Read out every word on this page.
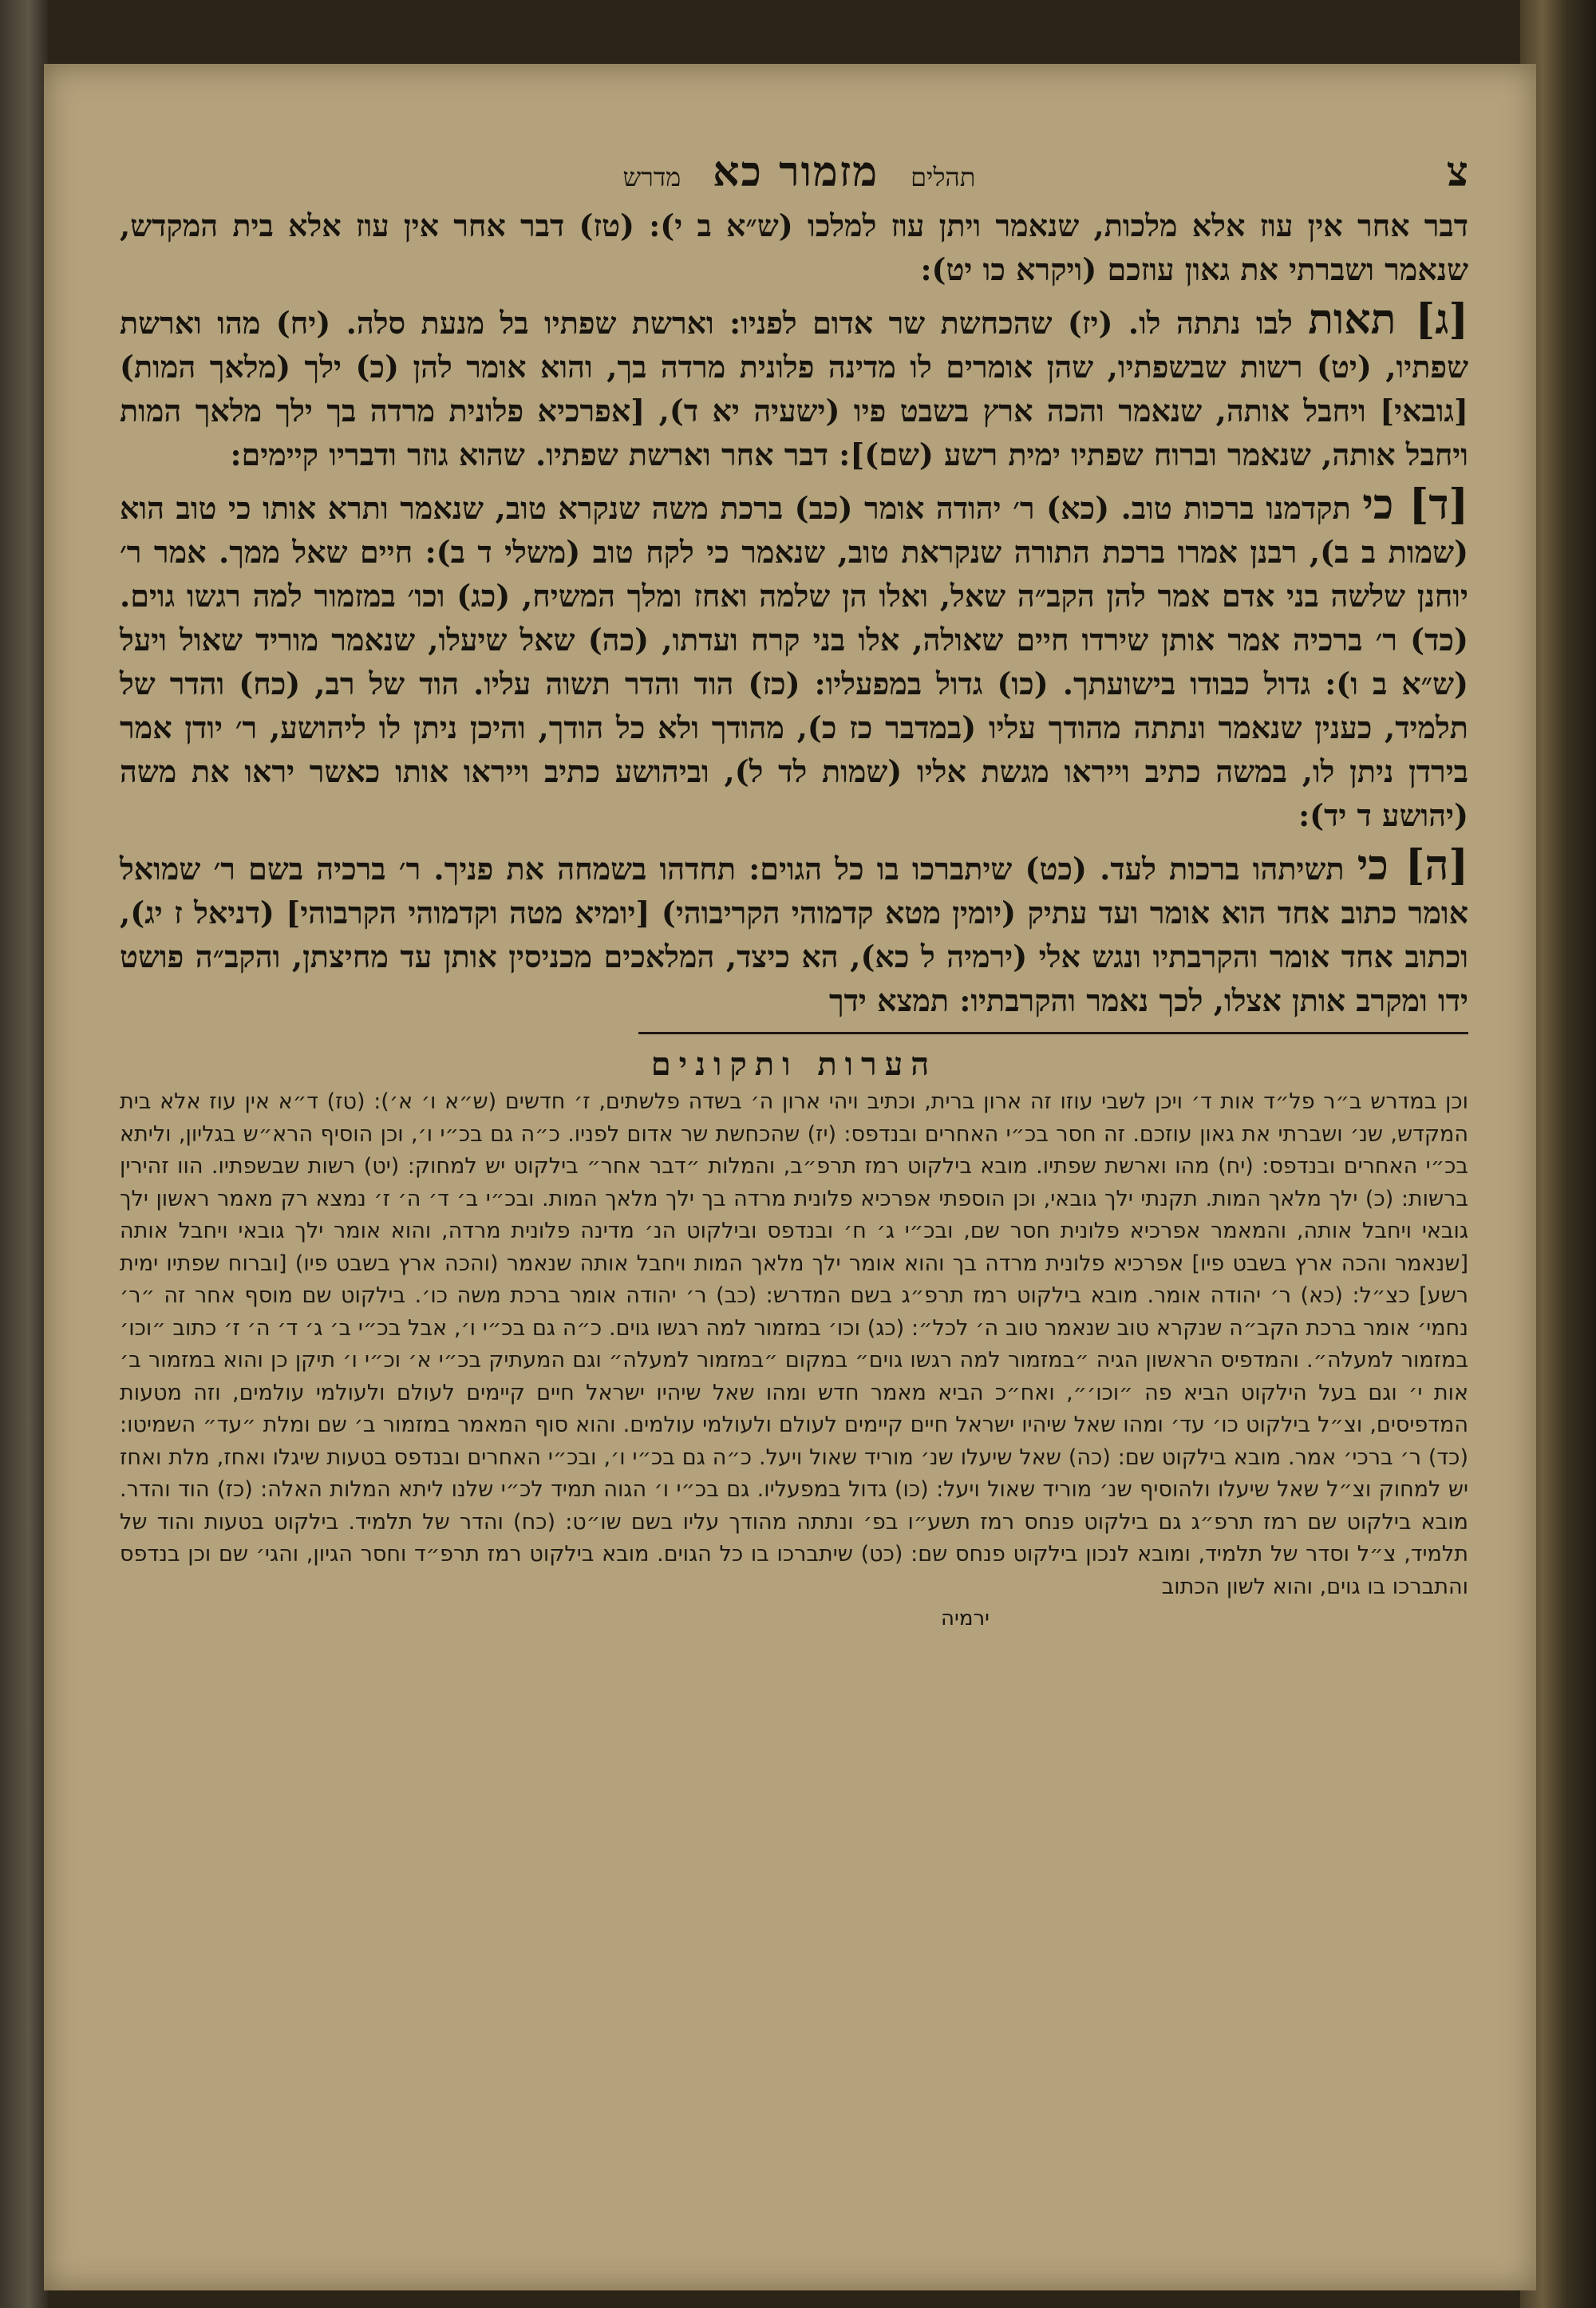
צ
תהלים
מזמור כא
מדרש

דבר אחר אין עוז אלא מלכות, שנאמר ויתן עוז למלכו (ש״א ב י): (טז) דבר אחר אין עוז אלא בית המקדש, שנאמר ושברתי את גאון עוזכם (ויקרא כו יט):

[ג] תאות לבו נתתה לו. (יז) שהכחשת שר אדום לפניו: וארשת שפתיו בל מנעת סלה. (יח) מהו וארשת שפתיו, (יט) רשות שבשפתיו, שהן אומרים לו מדינה פלונית מרדה בך, והוא אומר להן (כ) ילך (מלאך המות) [גובאי] ויחבל אותה, שנאמר והכה ארץ בשבט פיו (ישעיה יא ד), [אפרכיא פלונית מרדה בך ילך מלאך המות ויחבל אותה, שנאמר וברוח שפתיו ימית רשע (שם)]: דבר אחר וארשת שפתיו. שהוא גוזר ודבריו קיימים:

[ד] כי תקדמנו ברכות טוב. (כא) ר׳ יהודה אומר (כב) ברכת משה שנקרא טוב, שנאמר ותרא אותו כי טוב הוא (שמות ב ב), רבנן אמרו ברכת התורה שנקראת טוב, שנאמר כי לקח טוב (משלי ד ב): חיים שאל ממך. אמר ר׳ יוחנן שלשה בני אדם אמר להן הקב״ה שאל, ואלו הן שלמה ואחז ומלך המשיח, (כג) וכו׳ במזמור למה רגשו גוים. (כד) ר׳ ברכיה אמר אותן שירדו חיים שאולה, אלו בני קרח ועדתו, (כה) שאל שיעלו, שנאמר מוריד שאול ויעל (ש״א ב ו): גדול כבודו בישועתך. (כו) גדול במפעליו: (כז) הוד והדר תשוה עליו. הוד של רב, (כח) והדר של תלמיד, כענין שנאמר ונתתה מהודך עליו (במדבר כז כ), מהודך ולא כל הודך, והיכן ניתן לו ליהושע, ר׳ יודן אמר בירדן ניתן לו, במשה כתיב וייראו מגשת אליו (שמות לד ל), וביהושע כתיב וייראו אותו כאשר יראו את משה (יהושע ד יד):

[ה] כי תשיתהו ברכות לעד. (כט) שיתברכו בו כל הגוים: תחדהו בשמחה את פניך. ר׳ ברכיה בשם ר׳ שמואל אומר כתוב אחד הוא אומר ועד עתיק (יומין מטא קדמוהי הקריבוהי) [יומיא מטה וקדמוהי הקרבוהי] (דניאל ז יג), וכתוב אחד אומר והקרבתיו ונגש אלי (ירמיה ל כא), הא כיצד, המלאכים מכניסין אותן עד מחיצתן, והקב״ה פושט ידו ומקרב אותן אצלו, לכך נאמר והקרבתיו: תמצא ידך

הערות ותקונים
וכן במדרש ב״ר פל״ד אות ד׳ ויכן לשבי עוזו זה ארון ברית, וכתיב ויהי ארון ה׳ בשדה פלשתים, ז׳ חדשים (ש״א ו׳ א׳): (טז) ד״א אין עוז אלא בית המקדש, שנ׳ ושברתי את גאון עוזכם. זה חסר בכ״י האחרים ובנדפס: (יז) שהכחשת שר אדום לפניו. כ״ה גם בכ״י ו׳, וכן הוסיף הרא״ש בגליון, וליתא בכ״י האחרים ובנדפס: (יח) מהו וארשת שפתיו. מובא בילקוט רמז תרפ״ב, והמלות ״דבר אחר״ בילקוט יש למחוק: (יט) רשות שבשפתיו. הוו זהירין ברשות: (כ) ילך מלאך המות. תקנתי ילך גובאי, וכן הוספתי אפרכיא פלונית מרדה בך ילך מלאך המות. ובכ״י ב׳ ד׳ ה׳ ז׳ נמצא רק מאמר ראשון ילך גובאי ויחבל אותה, והמאמר אפרכיא פלונית חסר שם, ובכ״י ג׳ ח׳ ובנדפס ובילקוט הנ׳ מדינה פלונית מרדה, והוא אומר ילך גובאי ויחבל אותה [שנאמר והכה ארץ בשבט פיו] אפרכיא פלונית מרדה בך והוא אומר ילך מלאך המות ויחבל אותה שנאמר (והכה ארץ בשבט פיו) [וברוח שפתיו ימית רשע] כצ״ל: (כא) ר׳ יהודה אומר. מובא בילקוט רמז תרפ״ג בשם המדרש: (כב) ר׳ יהודה אומר ברכת משה כו׳. בילקוט שם מוסף אחר זה ״ר׳ נחמי׳ אומר ברכת הקב״ה שנקרא טוב שנאמר טוב ה׳ לכל״: (כג) וכו׳ במזמור למה רגשו גוים. כ״ה גם בכ״י ו׳, אבל בכ״י ב׳ ג׳ ד׳ ה׳ ז׳ כתוב ״וכו׳ במזמור למעלה״. והמדפיס הראשון הגיה ״במזמור למה רגשו גוים״ במקום ״במזמור למעלה״ וגם המעתיק בכ״י א׳ וכ״י ו׳ תיקן כן והוא במזמור ב׳ אות י׳ וגם בעל הילקוט הביא פה ״וכו׳״, ואח״כ הביא מאמר חדש ומהו שאל שיהיו ישראל חיים קיימים לעולם ולעולמי עולמים, וזה מטעות המדפיסים, וצ״ל בילקוט כו׳ עד׳ ומהו שאל שיהיו ישראל חיים קיימים לעולם ולעולמי עולמים. והוא סוף המאמר במזמור ב׳ שם ומלת ״עד״ השמיטו: (כד) ר׳ ברכי׳ אמר. מובא בילקוט שם: (כה) שאל שיעלו שנ׳ מוריד שאול ויעל. כ״ה גם בכ״י ו׳, ובכ״י האחרים ובנדפס בטעות שיגלו ואחז, מלת ואחז יש למחוק וצ״ל שאל שיעלו ולהוסיף שנ׳ מוריד שאול ויעל: (כו) גדול במפעליו. גם בכ״י ו׳ הגוה תמיד לכ״י שלנו ליתא המלות האלה: (כז) הוד והדר. מובא בילקוט שם רמז תרפ״ג גם בילקוט פנחס רמז תשע״ו בפ׳ ונתתה מהודך עליו בשם שו״ט: (כח) והדר של תלמיד. בילקוט בטעות והוד של תלמיד, צ״ל וסדר של תלמיד, ומובא לנכון בילקוט פנחס שם: (כט) שיתברכו בו כל הגוים. מובא בילקוט רמז תרפ״ד וחסר הגיון, והגי׳ שם וכן בנדפס והתברכו בו גוים, והוא לשון הכתוב
ירמיה
